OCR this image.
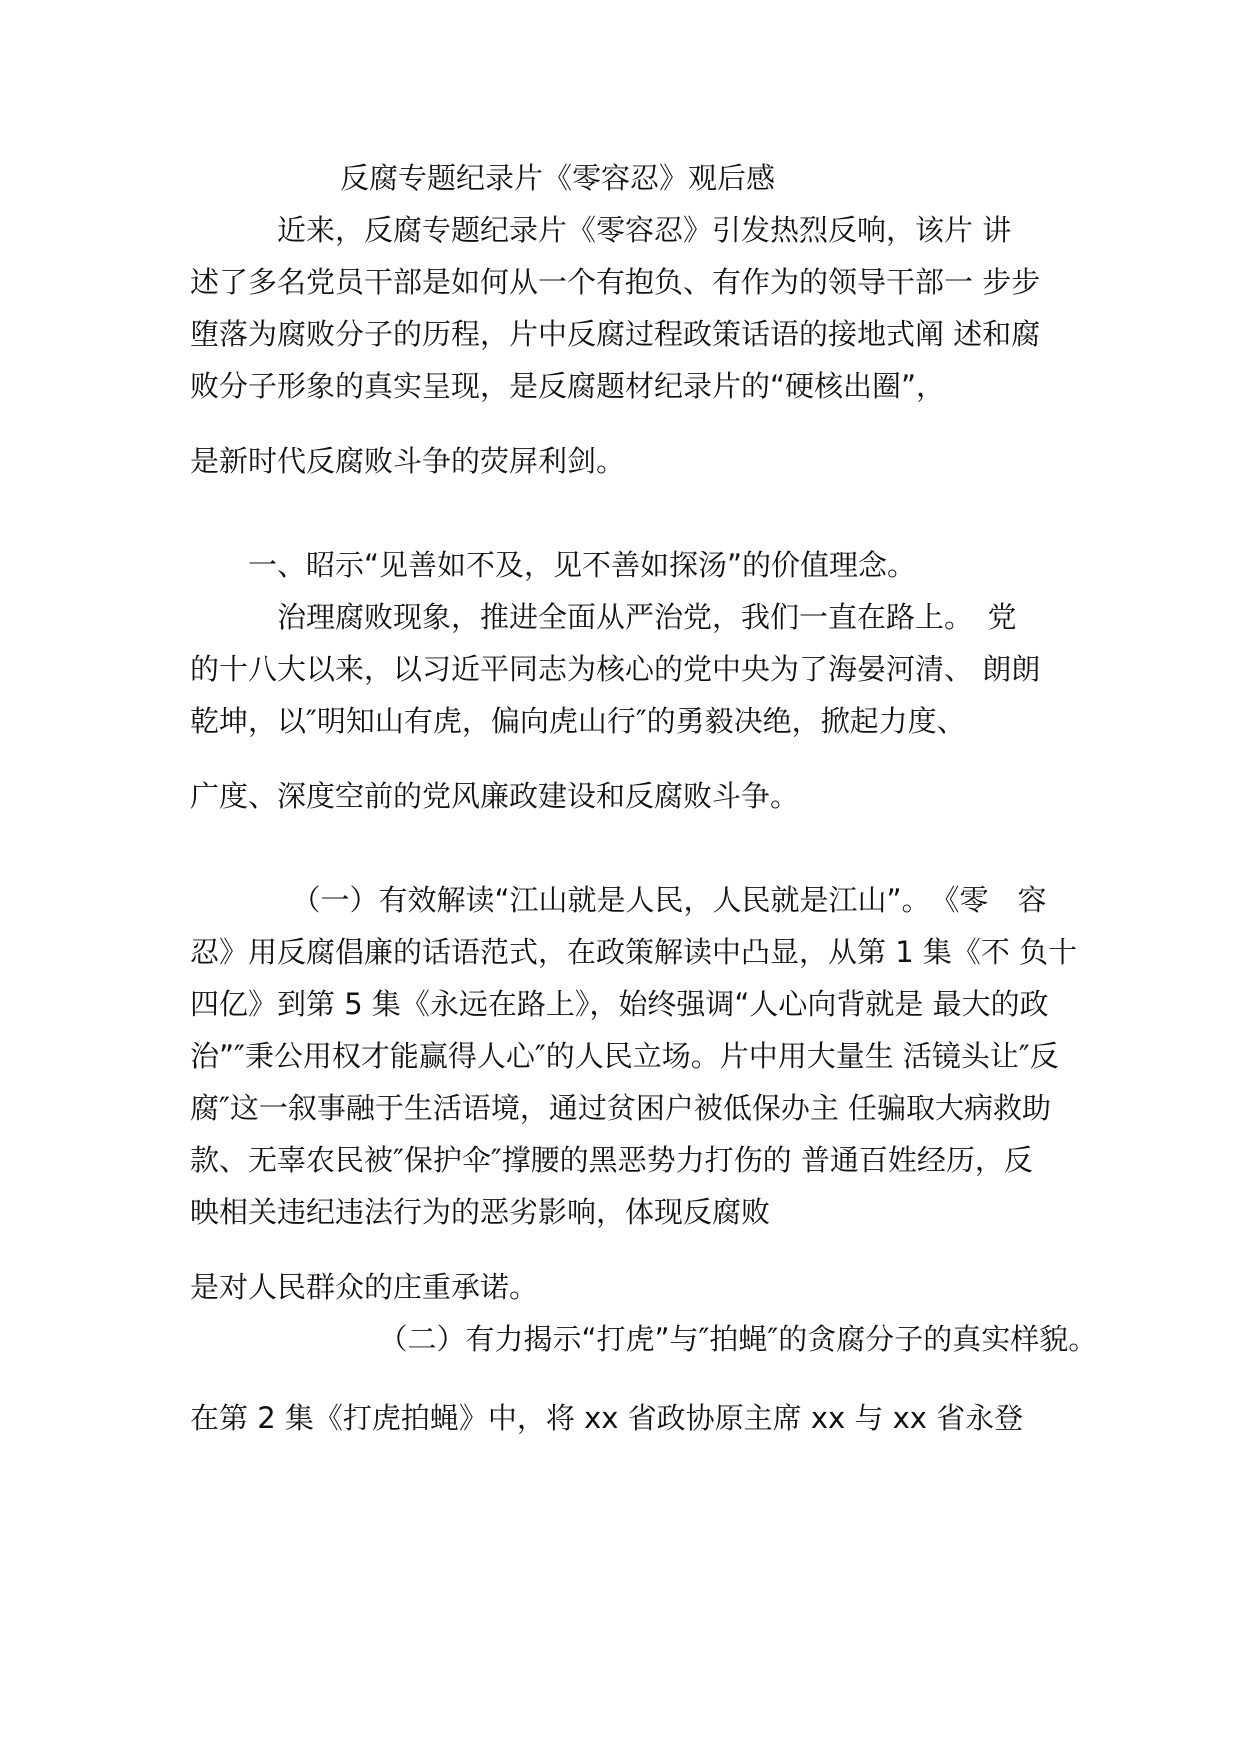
反腐专题纪录片《零容忍》观后感
　　　近来，反腐专题纪录片《零容忍》引发热烈反响，该片 讲
述了多名党员干部是如何从一个有抱负、有作为的领导干部一 步步
堕落为腐败分子的历程，片中反腐过程政策话语的接地式阐 述和腐
败分子形象的真实呈现，是反腐题材纪录片的“硬核出圈”，
是新时代反腐败斗争的荧屏利剑。
　　一、昭示“见善如不及，见不善如探汤”的价值理念。
　　　治理腐败现象，推进全面从严治党，我们一直在路上。　党
的十八大以来，以习近平同志为核心的党中央为了海晏河清、 朗朗
乾坤，以″明知山有虎，偏向虎山行″的勇毅决绝，掀起力度、
广度、深度空前的党风廉政建设和反腐败斗争。
　　　　（一）有效解读“江山就是人民，人民就是江山”。　《零　容
忍》用反腐倡廉的话语范式，在政策解读中凸显，从第 1 集《不 负十
四亿》到第 5 集《永远在路上》，始终强调“人心向背就是 最大的政
治”″秉公用权才能赢得人心″的人民立场。片中用大量生 活镜头让″反
腐″这一叙事融于生活语境，通过贫困户被低保办主 任骗取大病救助
款、无辜农民被″保护伞″撑腰的黑恶势力打伤的 普通百姓经历，反
映相关违纪违法行为的恶劣影响，体现反腐败
是对人民群众的庄重承诺。
　　　　　　　（二）有力揭示“打虎”与″拍蝇″的贪腐分子的真实样貌。
在第 2 集《打虎拍蝇》中，将 xx 省政协原主席 xx 与 xx 省永登
